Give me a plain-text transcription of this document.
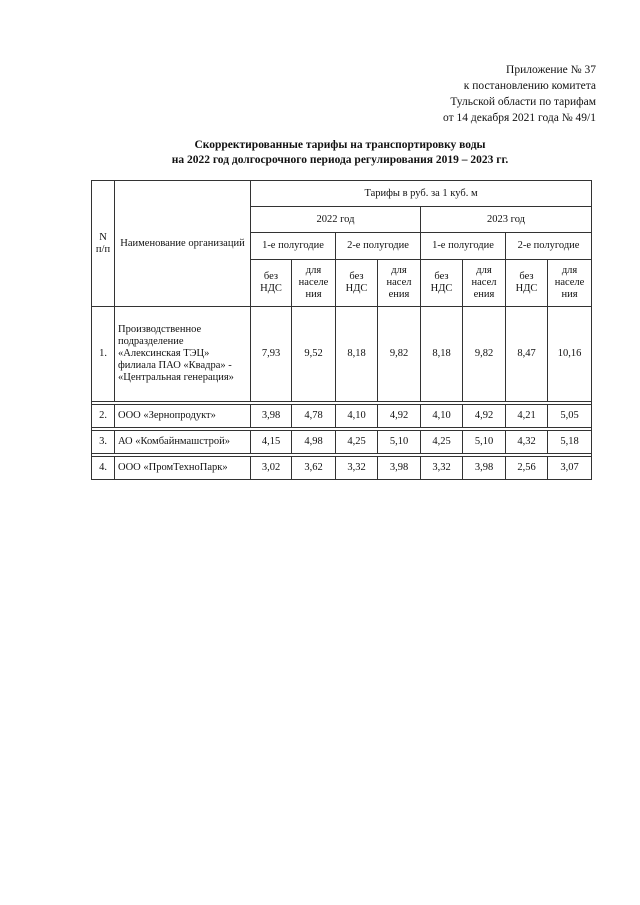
Приложение № 37
к постановлению комитета
Тульской области по тарифам
от 14 декабря 2021 года № 49/1
Скорректированные тарифы на транспортировку воды
на 2022 год долгосрочного периода регулирования 2019 – 2023 гг.
N п/п	Наименование организаций	Тарифы в руб. за 1 куб. м							
		2022 год				2023 год			
		1-е полугодие		2-е полугодие		1-е полугодие		2-е полугодие	
		без НДС	для населе ния	без НДС	для насел ения	без НДС	для насел ения	без НДС	для населе ния
1.	Производственное подразделение «Алексинская ТЭЦ» филиала ПАО «Квадра» - «Центральная генерация»	7,93	9,52	8,18	9,82	8,18	9,82	8,47	10,16

2.	ООО «Зернопродукт»	3,98	4,78	4,10	4,92	4,10	4,92	4,21	5,05

3.	АО «Комбайнмашстрой»	4,15	4,98	4,25	5,10	4,25	5,10	4,32	5,18

4.	ООО «ПромТехноПарк»	3,02	3,62	3,32	3,98	3,32	3,98	2,56	3,07
